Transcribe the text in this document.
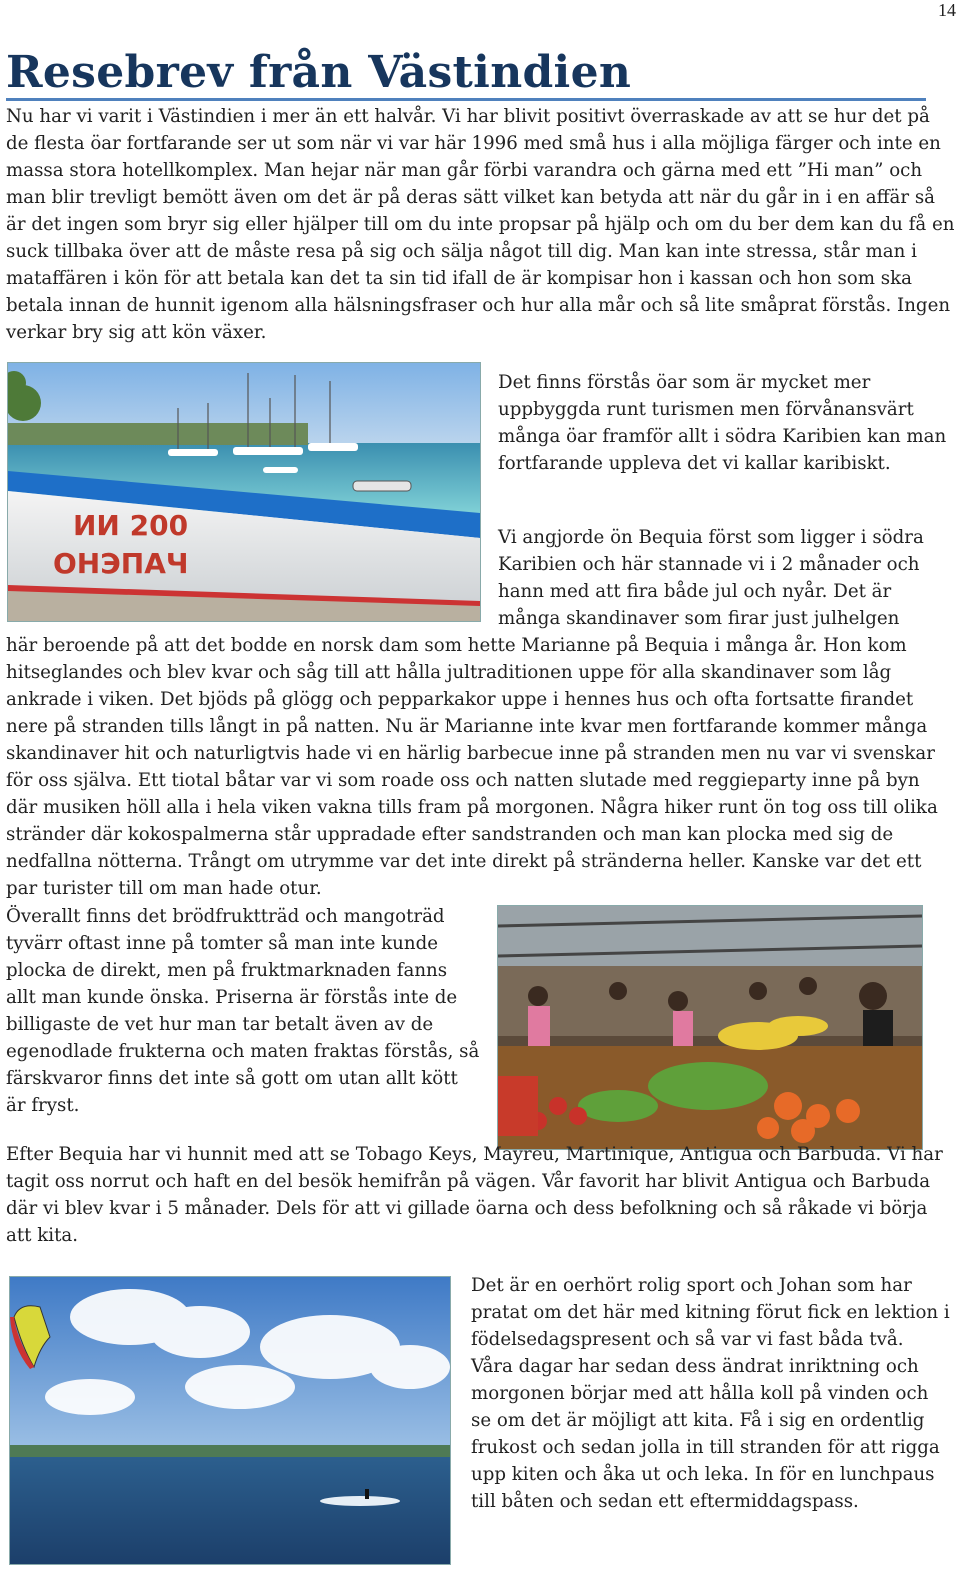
14
Resebrev från Västindien

Nu har vi varit i Västindien i mer än ett halvår. Vi har blivit positivt överraskade av att se hur det på de flesta öar fortfarande ser ut som när vi var här 1996 med små hus i alla möjliga färger och inte en massa stora hotellkomplex. Man hejar när man går förbi varandra och gärna med ett ”Hi man” och man blir trevligt bemött även om det är på deras sätt vilket kan betyda att när du går in i en affär så är det ingen som bryr sig eller hjälper till om du inte propsar på hjälp och om du ber dem kan du få en suck tillbaka över att de måste resa på sig och sälja något till dig. Man kan inte stressa, står man i mataffären i kön för att betala kan det ta sin tid ifall de är kompisar hon i kassan och hon som ska betala innan de hunnit igenom alla hälsningsfraser och hur alla mår och så lite småprat förstås. Ingen verkar bry sig att kön växer.

ИИ 200
ОНЭПАЧ

Det finns förstås öar som är mycket mer uppbyggda runt turismen men förvånansvärt många öar framför allt i södra Karibien kan man fortfarande uppleva det vi kallar karibiskt.

Vi angjorde ön Bequia först som ligger i södra Karibien och här stannade vi i 2 månader och hann med att fira både jul och nyår. Det är många skandinaver som firar just julhelgen

här beroende på att det bodde en norsk dam som hette Marianne på Bequia i många år. Hon kom hitseglandes och blev kvar och såg till att hålla jultraditionen uppe för alla skandinaver som låg ankrade i viken. Det bjöds på glögg och pepparkakor uppe i hennes hus och ofta fortsatte firandet nere på stranden tills långt in på natten. Nu är Marianne inte kvar men fortfarande kommer många skandinaver hit och naturligtvis hade vi en härlig barbecue inne på stranden men nu var vi svenskar för oss själva. Ett tiotal båtar var vi som roade oss och natten slutade med reggieparty inne på byn där musiken höll alla i hela viken vakna tills fram på morgonen. Några hiker runt ön tog oss till olika stränder där kokospalmerna står uppradade efter sandstranden och man kan plocka med sig de nedfallna nötterna. Trångt om utrymme var det inte direkt på stränderna heller. Kanske var det ett par turister till om man hade otur.

Överallt finns det brödfruktträd och mangoträd tyvärr oftast inne på tomter så man inte kunde plocka de direkt, men på fruktmarknaden fanns allt man kunde önska. Priserna är förstås inte de billigaste de vet hur man tar betalt även av de egenodlade frukterna och maten fraktas förstås, så färskvaror finns det inte så gott om utan allt kött är fryst.

Efter Bequia har vi hunnit med att se Tobago Keys, Mayreu, Martinique, Antigua och Barbuda. Vi har tagit oss norrut och haft en del besök hemifrån på vägen. Vår favorit har blivit Antigua och Barbuda där vi blev kvar i 5 månader. Dels för att vi gillade öarna och dess befolkning och så råkade vi börja att kita.

Det är en oerhört rolig sport och Johan som har pratat om det här med kitning förut fick en lektion i födelsedagspresent och så var vi fast båda två. Våra dagar har sedan dess ändrat inriktning och morgonen börjar med att hålla koll på vinden och se om det är möjligt att kita. Få i sig en ordentlig frukost och sedan jolla in till stranden för att rigga upp kiten och åka ut och leka. In för en lunchpaus till båten och sedan ett eftermiddagspass.
